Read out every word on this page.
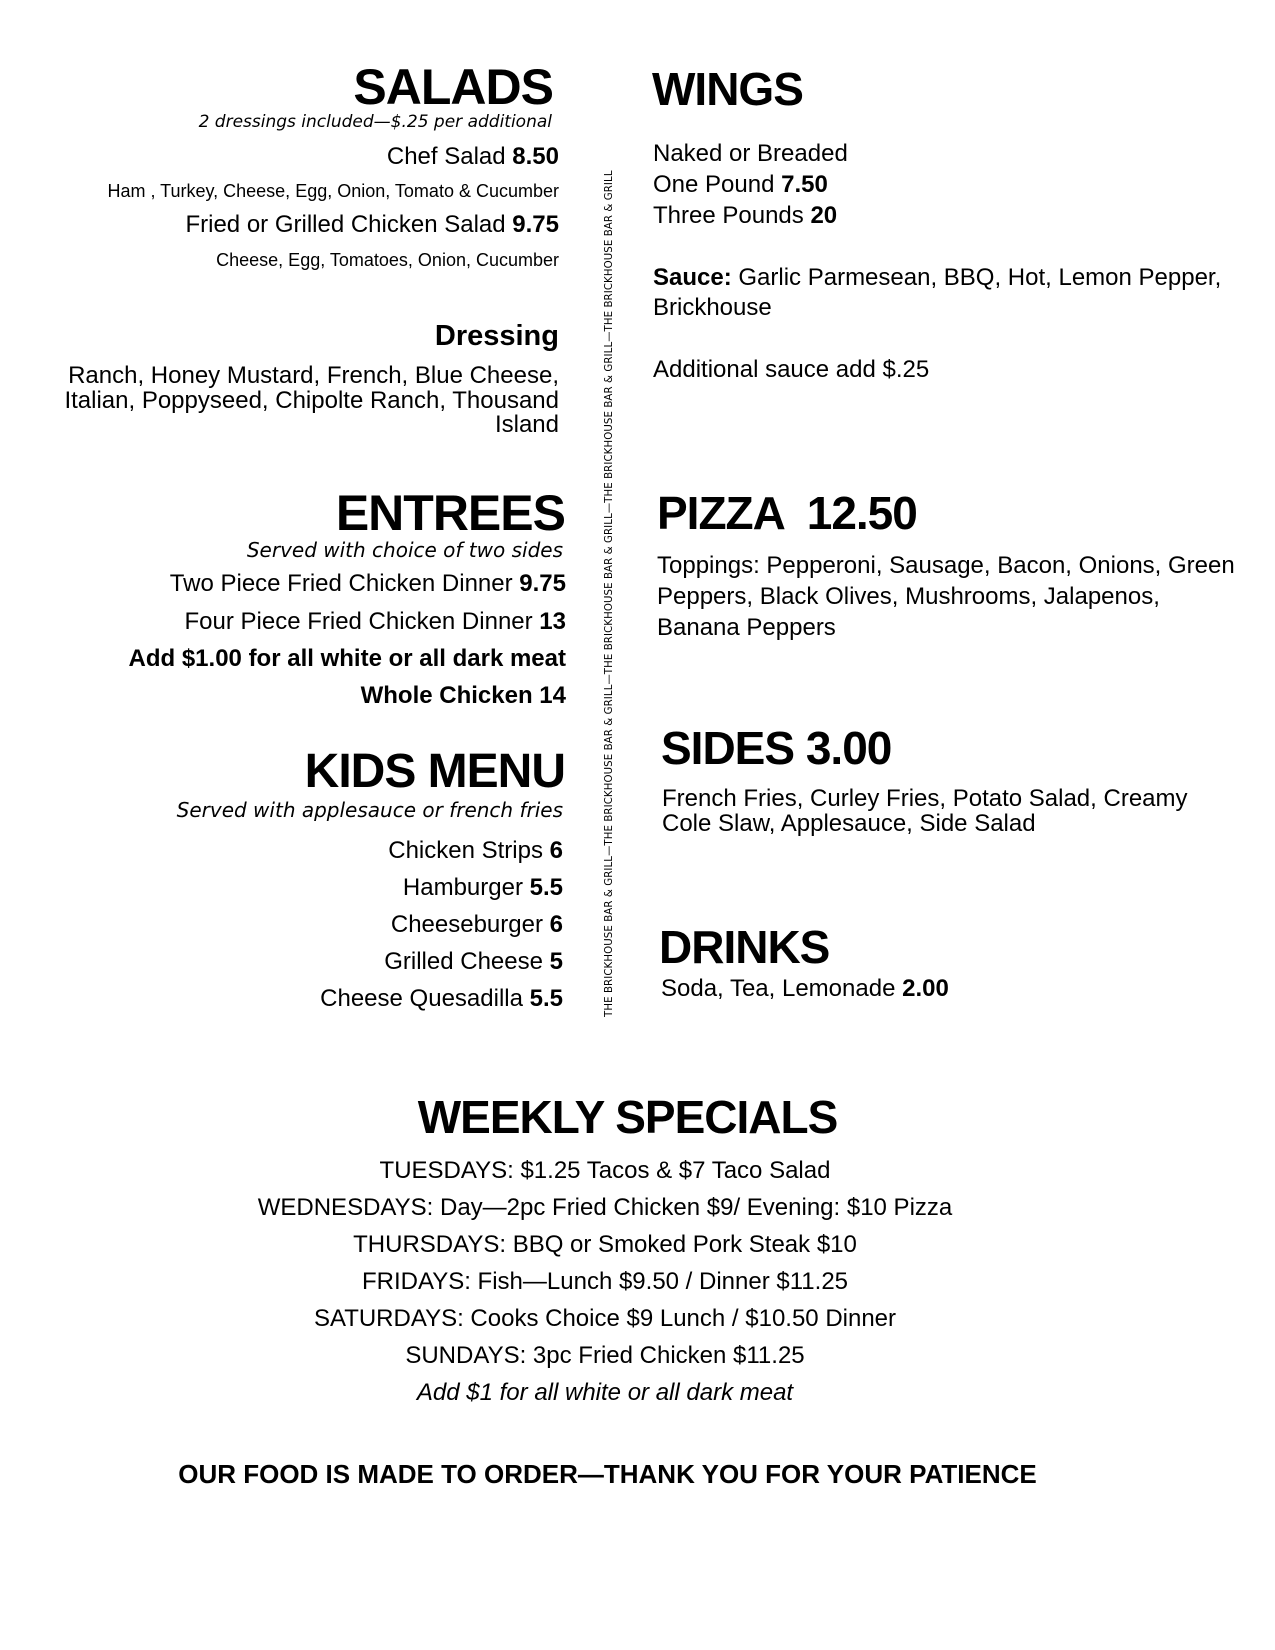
SALADS
2 dressings included—$.25 per additional
Chef Salad 8.50
Ham , Turkey, Cheese, Egg, Onion, Tomato & Cucumber
Fried or Grilled Chicken Salad 9.75
Cheese, Egg, Tomatoes, Onion, Cucumber
Dressing
Ranch, Honey Mustard, French, Blue Cheese,
Italian, Poppyseed, Chipolte Ranch, Thousand
Island
WINGS
Naked or Breaded
One Pound 7.50
Three Pounds 20
Sauce: Garlic Parmesean, BBQ, Hot, Lemon Pepper,
Brickhouse
Additional sauce add $.25
ENTREES
Served with choice of two sides
Two Piece Fried Chicken Dinner 9.75
Four Piece Fried Chicken Dinner 13
Add $1.00 for all white or all dark meat
Whole Chicken 14
KIDS MENU
Served with applesauce or french fries
Chicken Strips 6
Hamburger 5.5
Cheeseburger 6
Grilled Cheese 5
Cheese Quesadilla 5.5	THE BRICKHOUSE BAR & GRILL—THE BRICKHOUSE BAR & GRILL—THE BRICKHOUSE BAR & GRILL—THE BRICKHOUSE BAR & GRILL—THE BRICKHOUSE BAR & GRILL PIZZA  12.50
Toppings: Pepperoni, Sausage, Bacon, Onions, Green
Peppers, Black Olives, Mushrooms, Jalapenos,
Banana Peppers
SIDES 3.00
French Fries, Curley Fries, Potato Salad, Creamy
Cole Slaw, Applesauce, Side Salad
DRINKS
Soda, Tea, Lemonade 2.00
WEEKLY SPECIALS
TUESDAYS: $1.25 Tacos & $7 Taco Salad
WEDNESDAYS: Day—2pc Fried Chicken $9/ Evening: $10 Pizza
THURSDAYS: BBQ or Smoked Pork Steak $10
FRIDAYS: Fish—Lunch $9.50 / Dinner $11.25
SATURDAYS: Cooks Choice $9 Lunch / $10.50 Dinner
SUNDAYS: 3pc Fried Chicken $11.25
Add $1 for all white or all dark meat
OUR FOOD IS MADE TO ORDER—THANK YOU FOR YOUR PATIENCE
